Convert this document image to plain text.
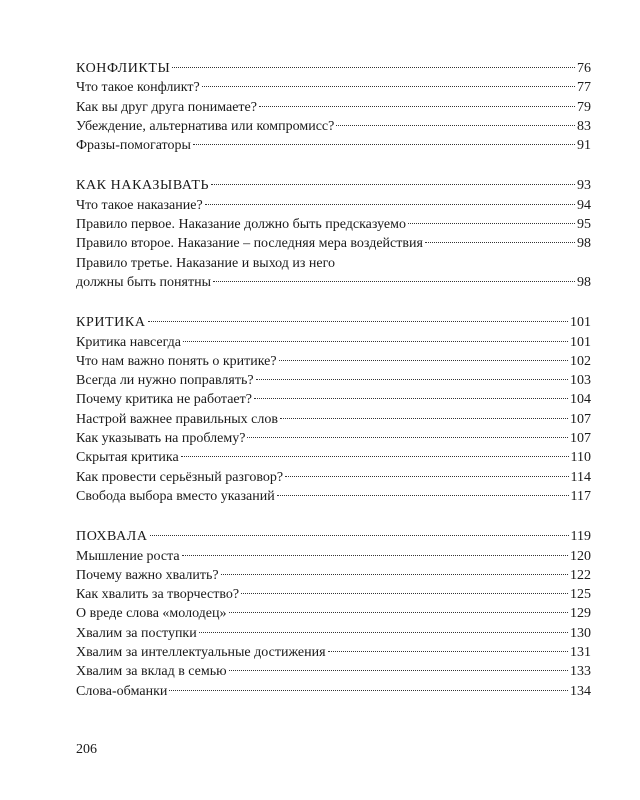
КОНФЛИКТЫ	76
Что такое конфликт?	77
Как вы друг друга понимаете?	79
Убеждение, альтернатива или компромисс?	83
Фразы-помогаторы	91
КАК НАКАЗЫВАТЬ	93
Что такое наказание?	94
Правило первое. Наказание должно быть предсказуемо	95
Правило второе. Наказание – последняя мера воздействия	98
Правило третье. Наказание и выход из него
должны быть понятны	98
КРИТИКА	101
Критика навсегда	101
Что нам важно понять о критике?	102
Всегда ли нужно поправлять?	103
Почему критика не работает?	104
Настрой важнее правильных слов	107
Как указывать на проблему?	107
Скрытая критика	110
Как провести серьёзный разговор?	114
Свобода выбора вместо указаний	117
ПОХВАЛА	119
Мышление роста	120
Почему важно хвалить?	122
Как хвалить за творчество?	125
О вреде слова «молодец»	129
Хвалим за поступки	130
Хвалим за интеллектуальные достижения	131
Хвалим за вклад в семью	133
Слова-обманки	134
206
